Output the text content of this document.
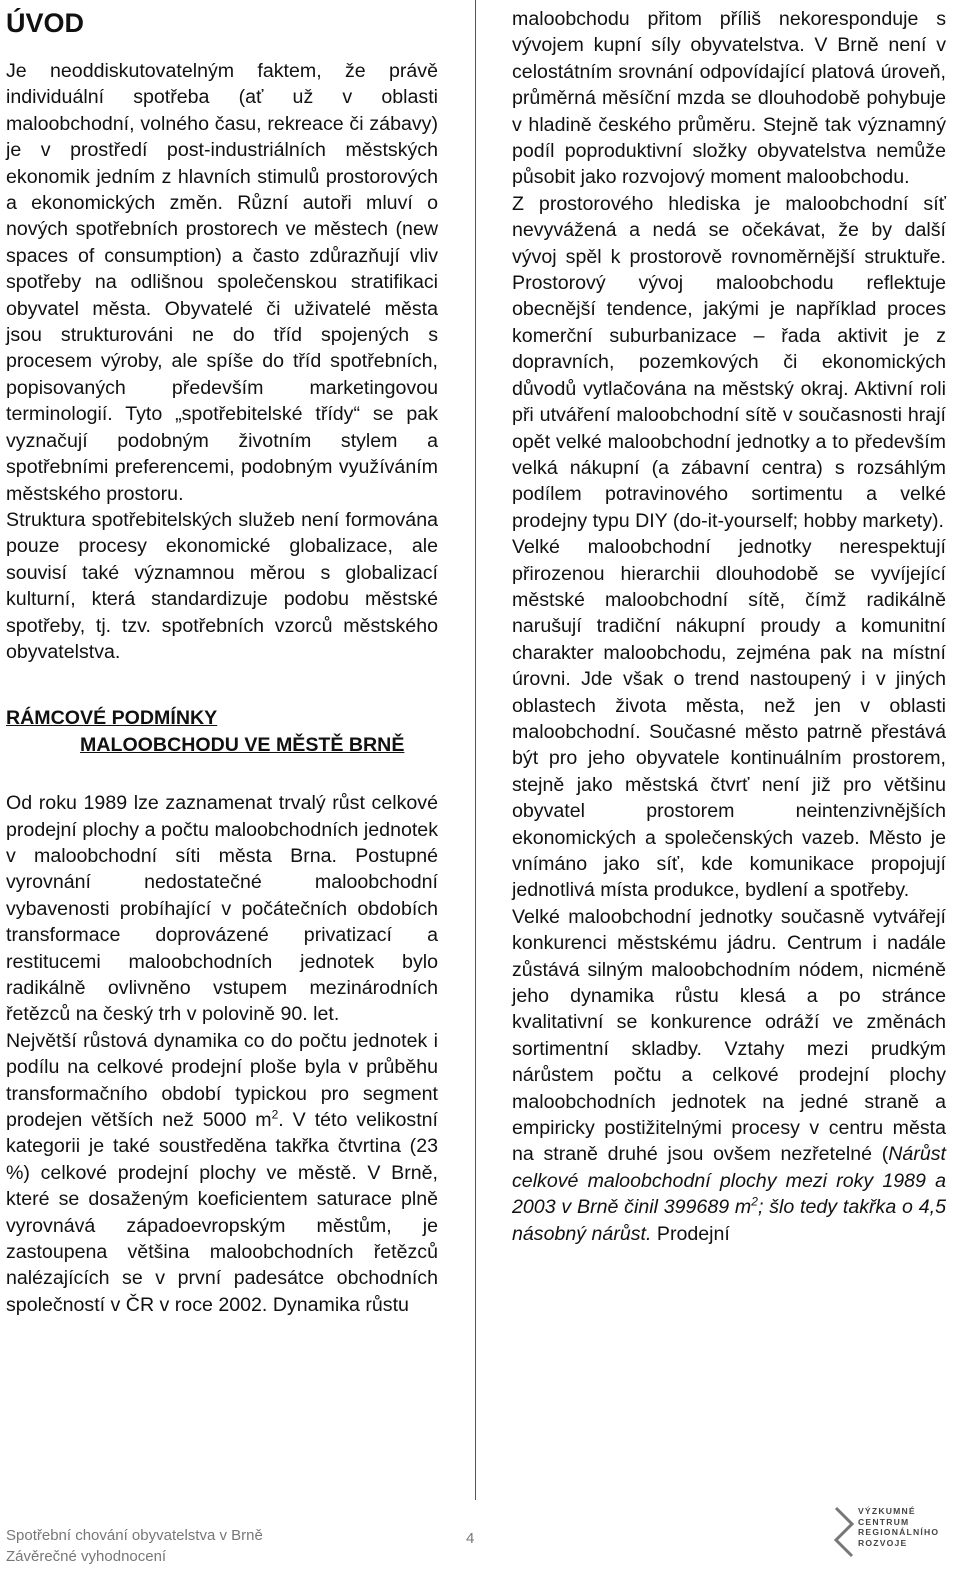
ÚVOD

Je neoddiskutovatelným faktem, že právě individuální spotřeba (ať už v oblasti maloobchodní, volného času, rekreace či zábavy) je v prostředí post-industriálních městských ekonomik jedním z hlavních stimulů prostorových a ekonomických změn. Různí autoři mluví o nových spotřebních prostorech ve městech (new spaces of consumption) a často zdůrazňují vliv spotřeby na odlišnou společenskou stratifikaci obyvatel města. Obyvatelé či uživatelé města jsou strukturováni ne do tříd spojených s procesem výroby, ale spíše do tříd spotřebních, popisovaných především marketingovou terminologií. Tyto „spotřebitelské třídy“ se pak vyznačují podobným životním stylem a spotřebními preferencemi, podobným využíváním městského prostoru.

Struktura spotřebitelských služeb není formována pouze procesy ekonomické globalizace, ale souvisí také významnou měrou s globalizací kulturní, která standardizuje podobu městské spotřeby, tj. tzv. spotřebních vzorců městského obyvatelstva.

RÁMCOVÉ PODMÍNKY
MALOOBCHODU VE MĚSTĚ BRNĚ

Od roku 1989 lze zaznamenat trvalý růst celkové prodejní plochy a počtu maloobchodních jednotek v maloobchodní síti města Brna. Postupné vyrovnání nedostatečné maloobchodní vybavenosti probíhající v počátečních obdobích transformace doprovázené privatizací a restitucemi maloobchodních jednotek bylo radikálně ovlivněno vstupem mezinárodních řetězců na český trh v polovině 90. let.

Největší růstová dynamika co do počtu jednotek i podílu na celkové prodejní ploše byla v průběhu transformačního období typickou pro segment prodejen větších než 5000 $m^2$. V této velikostní kategorii je také soustředěna takřka čtvrtina (23 %) celkové prodejní plochy ve městě. V Brně, které se dosaženým koeficientem saturace plně vyrovnává západoevropským městům, je zastoupena většina maloobchodních řetězců nalézajících se v první padesátce obchodních společností v ČR v roce 2002. Dynamika růstu

maloobchodu přitom příliš nekoresponduje s vývojem kupní síly obyvatelstva. V Brně není v celostátním srovnání odpovídající platová úroveň, průměrná měsíční mzda se dlouhodobě pohybuje v hladině českého průměru. Stejně tak významný podíl poproduktivní složky obyvatelstva nemůže působit jako rozvojový moment maloobchodu.

Z prostorového hlediska je maloobchodní síť nevyvážená a nedá se očekávat, že by další vývoj spěl k prostorově rovnoměrnější struktuře. Prostorový vývoj maloobchodu reflektuje obecnější tendence, jakými je například proces komerční suburbanizace – řada aktivit je z dopravních, pozemkových či ekonomických důvodů vytlačována na městský okraj. Aktivní roli při utváření maloobchodní sítě v současnosti hrají opět velké maloobchodní jednotky a to především velká nákupní (a zábavní centra) s rozsáhlým podílem potravinového sortimentu a velké prodejny typu DIY (do-it-yourself; hobby markety).

Velké maloobchodní jednotky nerespektují přirozenou hierarchii dlouhodobě se vyvíjející městské maloobchodní sítě, čímž radikálně narušují tradiční nákupní proudy a komunitní charakter maloobchodu, zejména pak na místní úrovni. Jde však o trend nastoupený i v jiných oblastech života města, než jen v oblasti maloobchodní. Současné město patrně přestává být pro jeho obyvatele kontinuálním prostorem, stejně jako městská čtvrť není již pro většinu obyvatel prostorem neintenzivnějších ekonomických a společenských vazeb. Město je vnímáno jako síť, kde komunikace propojují jednotlivá místa produkce, bydlení a spotřeby.

Velké maloobchodní jednotky současně vytvářejí konkurenci městskému jádru. Centrum i nadále zůstává silným maloobchodním nódem, nicméně jeho dynamika růstu klesá a po stránce kvalitativní se konkurence odráží ve změnách sortimentní skladby. Vztahy mezi prudkým nárůstem počtu a celkové prodejní plochy maloobchodních jednotek na jedné straně a empiricky postižitelnými procesy v centru města na straně druhé jsou ovšem nezřetelné (Nárůst celkové maloobchodní plochy mezi roky 1989 a 2003 v Brně činil 399689 $m^2$; šlo tedy takřka o 4,5 násobný nárůst. Prodejní

Spotřební chování obyvatelstva v Brně
Závěrečné vyhodnocení
4
VÝZKUMNÉ
CENTRUM
REGIONÁLNÍHO
ROZVOJE
